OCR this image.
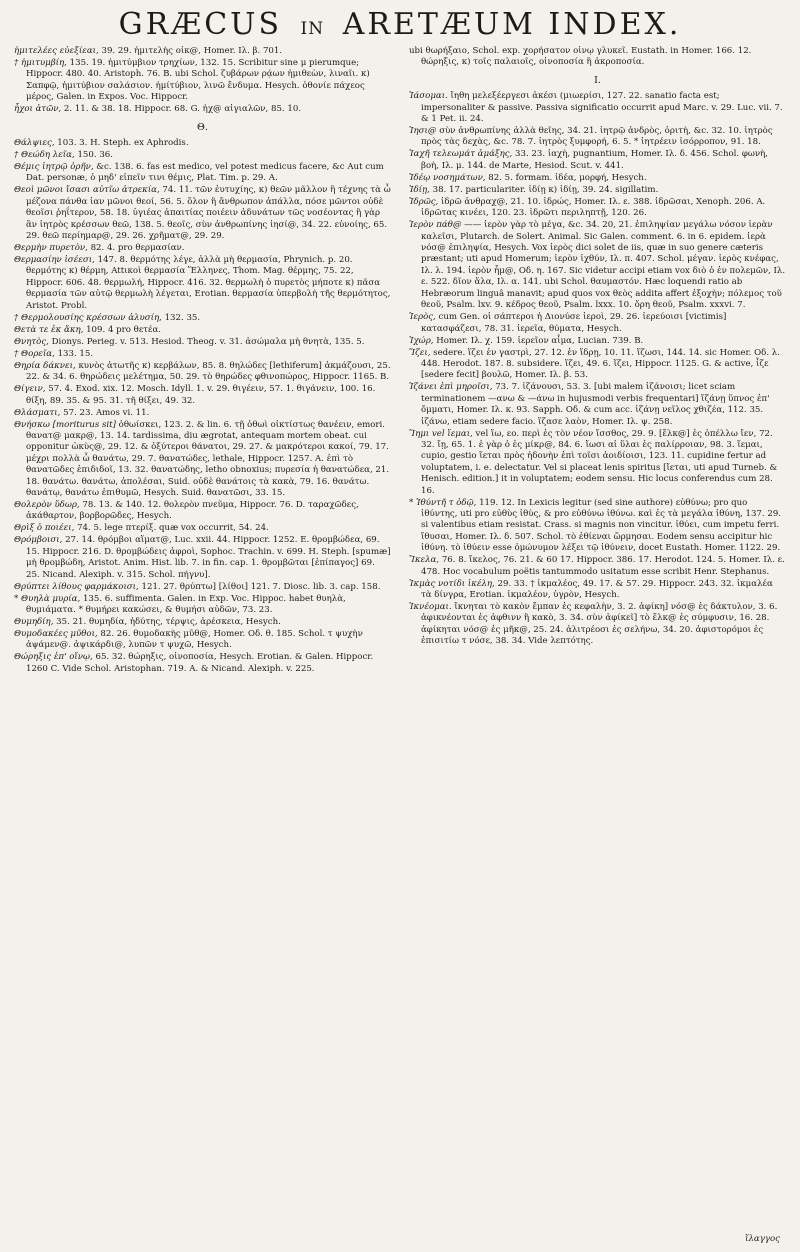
GRÆCUS IN ARETÆUM INDEX.
ἡμιτελέες εὐεξίεαι, 39. 29. ἡμιτελὴς οἶκ@, Homer. Iλ. β. 701.
† ἡμιτυμβίη, 135. 19. ἡμιτύμβιον τρηχίων, 132. 15. Scribitur sine μ pierumque; Hippocr. 480. 40. Aristoph. 76. B. ubi Schol. ζυβάρων ρᾴων ἡμιθεὼν, λιναῖι. κ) Σαπφῷ, ἡμιτύβιον σαλάσιον. ἡμίτύβιον, λινῶ ἔνδυμα. Hesych. ὀθονίε πάχεος μέρος, Galen. in Expos. Voc. Hippocr.
ἦχοι ἀτῶν, 2. 11. & 38. 18. Hippocr. 68. G. ἠχ@ αἰγιαλῶν, 85. 10.
Θ.
Θάλψιες, 103. 3. H. Steph. ex Aphrodis.
† Θεώδη λεῖα, 150. 36.
Θέμις ἰητρῷ ὁρῆν, &c. 138. 6. fas est medico, vel potest medicus facere, &c Aut cum Dat. personæ, ὁ μηδ' εἰπεῖν τινι θέμις, Plat. Tim. p. 29. A.
Θεοὶ μῶνοι ἴσασι αὐτῖω ἀτρεκία, 74. 11. τῶν ἐυτυχίης, κ) θεῶν μᾶλλον ἢ τέχνης τὰ ὦ μέζονα πάνθα ἰαν μῶνοι θεοί, 56. 5. ὅλον ἢ ἄνθρωπον ἀπάλλα, πόσε μῶντοι οὐδὲ θεοῖσι ῥηΐτερον, 58. 18. ὑγιέας ἀπαιτίας ποιέειν ἀδυνάτων τῶς νοσέοντας ἢ γὰρ ἂν ἰητρὸς κρέσσων θεῶ, 138. 5. θεοῖς, σὺν ἀνθρωπίνης ἰησί@, 34. 22. εὐνοίης, 65. 29. θεῶ περίημαρ@, 29. 26. χρῆματ@, 29. 29.
Θερμὴν πυρετὸν, 82. 4. pro θερμασίαν.
Θερμασίην ἰσέεσι, 147. 8. θερμότης λέγε, ἀλλὰ μὴ θερμασία, Phrynich. p. 20. θερμότης κ) θέρμη, Attικοὶ θερμασία Ἕλληνες, Thom. Mag. θέρμης, 75. 22, Hippocr. 606. 48. θερμωλή, Hippocr. 416. 32. θερμωλὴ ὁ πυρετὸς μήποτε κ) πᾶσα θερμασία τῶν αὐτῷ θερμωλὴ λέγεται, Erotian. θερμασία ὑπερβολὴ τῆς θερμότητος, Aristot. Probl.
† Θερμολουσίης κρέσσων ἀλυσίη, 132. 35.
Θετὰ τε ἐκ ἄκη, 109. 4 pro θετέα.
Θνητὸς, Dionys. Perieg. v. 513. Hesiod. Theog. v. 31. ἀσώμαλα μὴ θνητὰ, 135. 5.
† Θορεῖα, 133. 15.
Θηρία δάκνει, κυνὸς ἀτωτῆς κ) κερβάλων, 85. 8. θηλώδες [lethiferum] ἀκμάζουσι, 25. 22. & 34. 6. θηρώδεις μελέτημα, 50. 29. τὸ θηρώδες φθινοπώρος, Hippocr. 1165. B.
Θίγειν, 57. 4. Exod. xix. 12. Mosch. Idyll. 1. v. 29. θιγέειν, 57. 1. θιγάνειν, 100. 16. θίξη, 89. 35. & 95. 31. τῆ θίξει, 49. 32.
Θλάσματι, 57. 23. Amos vi. 11.
Θνήσκω [moriturus sit] ὀθωίσκει, 123. 2. & lin. 6. τῇ ὀθωὶ οἰκτίστως θανέειν, emori. θανατ@ μακρ@, 13. 14. tardissima, diu ægrotat, antequam mortem obeat. cui opponitur ὠκὺς@, 29. 12. & ὀξύτεροι θάνατοι, 29. 27. & μακρότεροι κακοί, 79. 17. μέχρι πολλὰ ὦ θανάτω, 29. 7. θανατώδες, lethale, Hippocr. 1257. A. ἐπὶ τὸ θανατῶδες ἐπιδιδοῖ, 13. 32. θανατώδης, letho obnoxius; πυρεσία ἡ θανατώδεα, 21. 18. θανάτω. θανάτω, ἀπολέσαι, Suid. οὐδὲ θανάτοις τὰ κακὰ, 79. 16. θανάτω. θανάτῳ, θανάτω ἐπιθυμῶ, Hesych. Suid. θανατῶσι, 33. 15.
Θολερὸν ὕδωρ, 78. 13. & 140. 12. θολερὸν πνεῦμα, Hippocr. 76. D. ταραχῶδες, ἀκάθαρτον, βορβορῶδες, Hesych.
Θρὶξ ὁ ποιέει, 74. 5. lege πτερίξ. quæ vox occurrit, 54. 24.
Θρόμβοισι, 27. 14. θρόμβοι αἵματ@, Luc. xxii. 44. Hippocr. 1252. E. θρομβώδεα, 69. 15. Hippocr. 216. D. θρομβώδεις ἀφροὶ, Sophoc. Trachin. v. 699. H. Steph. [spumæ] μὴ θρομβώδη, Aristot. Anim. Hist. lib. 7. in fin. cap. 1. θρομβῶται [ἐπίπαγος] 69. 25. Nicand. Alexiph. v. 315. Schol. πήγνυ].
Θρύπτει λίθους φαρμάκοισι, 121. 27. θρύπτω] [λίθοι] 121. 7. Diosc. lib. 3. cap. 158.
* Θυηλὰ μυρία, 135. 6. suffimenta. Galen. in Exp. Voc. Hippoc. habet θυηλὰ, θυμιάματα. * θυμήρει κακώσει, & θυμήσι αὐδῶν, 73. 23.
Θυμηδίη, 35. 21. θυμηδία, ἡδύτης, τέρψις, ἀρέσκεια, Hesych.
Θυμοδακέες μῦθοι, 82. 26. θυμοδακὴς μῦθ@, Homer. Οδ. θ. 185. Schol. τ ψυχὴν ἀψάμεν@. ἀψικάρδι@, λυπῶν τ ψυχῶ, Hesych.
Θώρηξις ἐπ' οἴνῳ, 65. 32. θώρηξις, οἰνοποσία, Hesych. Erotian. & Galen. Hippocr. 1260 C. Vide Schol. Aristophan. 719. A. & Nicand. Alexiph. v. 225.
ubi θωρήξαιο, Schol. exp. χορήσατον οἶνῳ γλυκεῖ. Eustath. in Homer. 166. 12. θώρηξις, κ) τοῖς παλαιοῖς, οἰνοποσία ἢ ἀκροποσία.
I.
Ἰάσομαι. ἴηθη μελεξέεργεσι ἀκέσι (μιωερίσι, 127. 22. sanatio facta est; impersonaliter & passive. Passiva significatio occurrit apud Marc. v. 29. Luc. vii. 7. & 1 Pet. ii. 24.
Ἰησι@ σὺν ἀνθρωπίνης ἀλλὰ θεῖης, 34. 21. ἰητρῷ ἀνδρὸς, ὁριτὴ, &c. 32. 10. ἰητρὸς πρὸς τὰς δεχὰς, &c. 78. 7. ἰητρὸς ξυμφορή, 6. 5. * ἰητρέειν ἰσόρροπον, 91. 18.
Ἰαχῆ τελεωμάτ ἀμάξης, 33. 23. ἰαχὴ, pugnantium, Homer. Iλ. δ. 456. Schol. φωνὴ, βοὴ, Iλ. μ. 144. de Marte, Hesiod. Scut. v. 441.
Ἰδέῳ νοσημάτων, 82. 5. formam. ἰδέα, μορφή, Hesych.
Ἰδίῃ, 38. 17. particulariter. ἰδίῃ κ) ἰδίῃ, 39. 24. sigillatim.
Ἰδρῶς, ἰδρῶ ἀνθραχ@, 21. 10. ἰδρώς, Homer. Iλ. ε. 388. ἰδρῶσαι, Xenoph. 206. A. ἰδρῶτας κινέει, 120. 23. ἰδρῶτι περιληπτῇ, 120. 26.
Ἱερὸν πάθ@ —— ἱερὸν γὰρ τὸ μέγα, &c. 34. 20, 21. ἐπιληψίαν μεγάλω νόσον ἱερὰν καλεῖσι, Plutarch. de Solert. Animal. Sic Galen. comment. 6. in 6. epidem. ἱερὰ νόσ@ ἐπιληψία, Hesych. Vox ἱερὸς dici solet de iis, quæ in suo genere cæteris præstant; uti apud Homerum; ἱερὸν ἰχθύν, Iλ. π. 407. Schol. μέγαν. ἱερὸς κνέφας, Iλ. λ. 194. ἱερὸν ἦμ@, Οδ. η. 167. Sic videtur accipi etiam vox διὸ ὁ ἐν πολεμῶν, Iλ. ε. 522. δῖον ἅλα, Iλ. α. 141. ubi Schol. θαυμαστόν. Hæc loquendi ratio ab Hebræorum linguâ manavit; apud quos vox θεὸς addita affert ἐξοχὴν; πόλεμος τοῦ θεοῦ, Psalm. lxv. 9. κέδρος θεοῦ, Psalm. lxxx. 10. ὄρη θεοῦ, Psalm. xxxvi. 7.
Ἱερὸς, cum Gen. οἱ σάπτεροι ἡ Διονύσε ἱεροὶ, 29. 26. ἱερεύοισι [victimis] κατασφάζεσι, 78. 31. ἱερεῖα, θύματα, Hesych.
Ἰχώρ, Homer. Iλ. χ. 159. ἱερεῖον αἷμα, Lucian. 739. B.
Ἵζει, sedere. ἵζει ἐν γαστρὶ, 27. 12. ἐν ἵδρῃ, 10. 11. ἵζωσι, 144. 14. sic Homer. Οδ. λ. 448. Herodot. 187. 8. subsidere. ἵζει, 49. 6. ἵζει, Hippocr. 1125. G. & active, ἶζε [sedere fecit] βουλῶ, Homer. Iλ. β. 53.
Ἱζάνει ἐπὶ μηροῖσι, 73. 7. ἱζάνουσι, 53. 3. [ubi malem ἱζάνοισι; licet sciam terminationem —ανω & —άνω in hujusmodi verbis frequentari] ἵζάνῃ ὕπνος ἐπ' ὄμματι, Homer. Iλ. κ. 93. Sapph. Οδ. & cum acc. ἱζάνῃ νεῖλος χθιζέα, 112. 35. ἱζάνω, etiam sedere facio. ἵζασε λαὸν, Homer. Iλ. ψ. 258.
Ἵημι vel ἵεμαι, vel ἵω, εο. περὶ ἐς τὸν νέον ἴσσθος, 29. 9. [ἔλκ@] ἐς ὀπέλλω ἴεν, 72. 32. ἴῃ, 65. 1. ἐ γὰρ ὁ ἐς μίκρ@, 84. 6. ἴωσι αἱ ὕλαι ἐς παλίρροιαν, 98. 3. ἵεμαι, cupio, gestio ἵεται πρὸς ἡδονὴν ἐπὶ τοῖσι ἀοιδίοισι, 123. 11. cupidine fertur ad voluptatem, i. e. delectatur. Vel si placeat lenis spiritus [ἴεται, uti apud Turneb. & Henisch. edition.] it in voluptatem; eodem sensu. Hic locus conferendus cum 28. 16.
* Ἰθύντῆ τ ὀδῷ, 119. 12. In Lexicis legitur (sed sine authore) εὐθύνω; pro quo ἰθύντης, uti pro εὐθὺς ἰθὺς, & pro εὐθύνω ἰθύνω. καὶ ἐς τὰ μεγάλα ἰθύνη, 137. 29. si valentibus etiam resistat. Crass. si magnis non vincitur. ἰθύει, cum impetu ferri. ἴθυσαι, Homer. Iλ. δ. 507. Schol. τὸ ἐθίεναι ὥρμησαι. Eodem sensu accipitur hic ἰθύνη. τὸ ἰθύειν esse ὁμώνυμον λέξει τῷ ἰθύνειν, docet Eustath. Homer. 1122. 29.
Ἴκελα, 76. 8. ἴκελος, 76. 21. & 60 17. Hippocr. 386. 17. Herodot. 124. 5. Homer. Iλ. ε. 478. Hoc vocabulum poëtis tantummodo usitatum esse scribit Henr. Stephanus.
Ἰκμὰς νοτίδι ἰκέλη, 29. 33. † ἰκμαλέος, 49. 17. & 57. 29. Hippocr. 243. 32. ἰκμαλέα τὰ δίνγρα, Erotian. ἰκμαλέον, ὑγρὸν, Hesych.
Ἰκνέομαι. ἴκνηται τὸ κακὸν ἔμπαν ἐς κεφαλὴν, 3. 2. ἀφίκη] νόσ@ ἐς δάκτυλον, 3. 6. ἀφικνέονται ἐς ἀφθινν ἢ κακὸ, 3. 34. σὺν ἀφίκεῖ] τὸ ἕλκ@ ἐς σύμφυσιν, 16. 28. ἀφίκηται νόσ@ ἐς μῆκ@, 25. 24. ἀλιτρέοσι ἐς σελήνω, 34. 20. ἀφιστορόμοι ἐς ἐπισιτίω τ νόσε, 38. 34. Vide λεπτότης.
ἵλαγγος
